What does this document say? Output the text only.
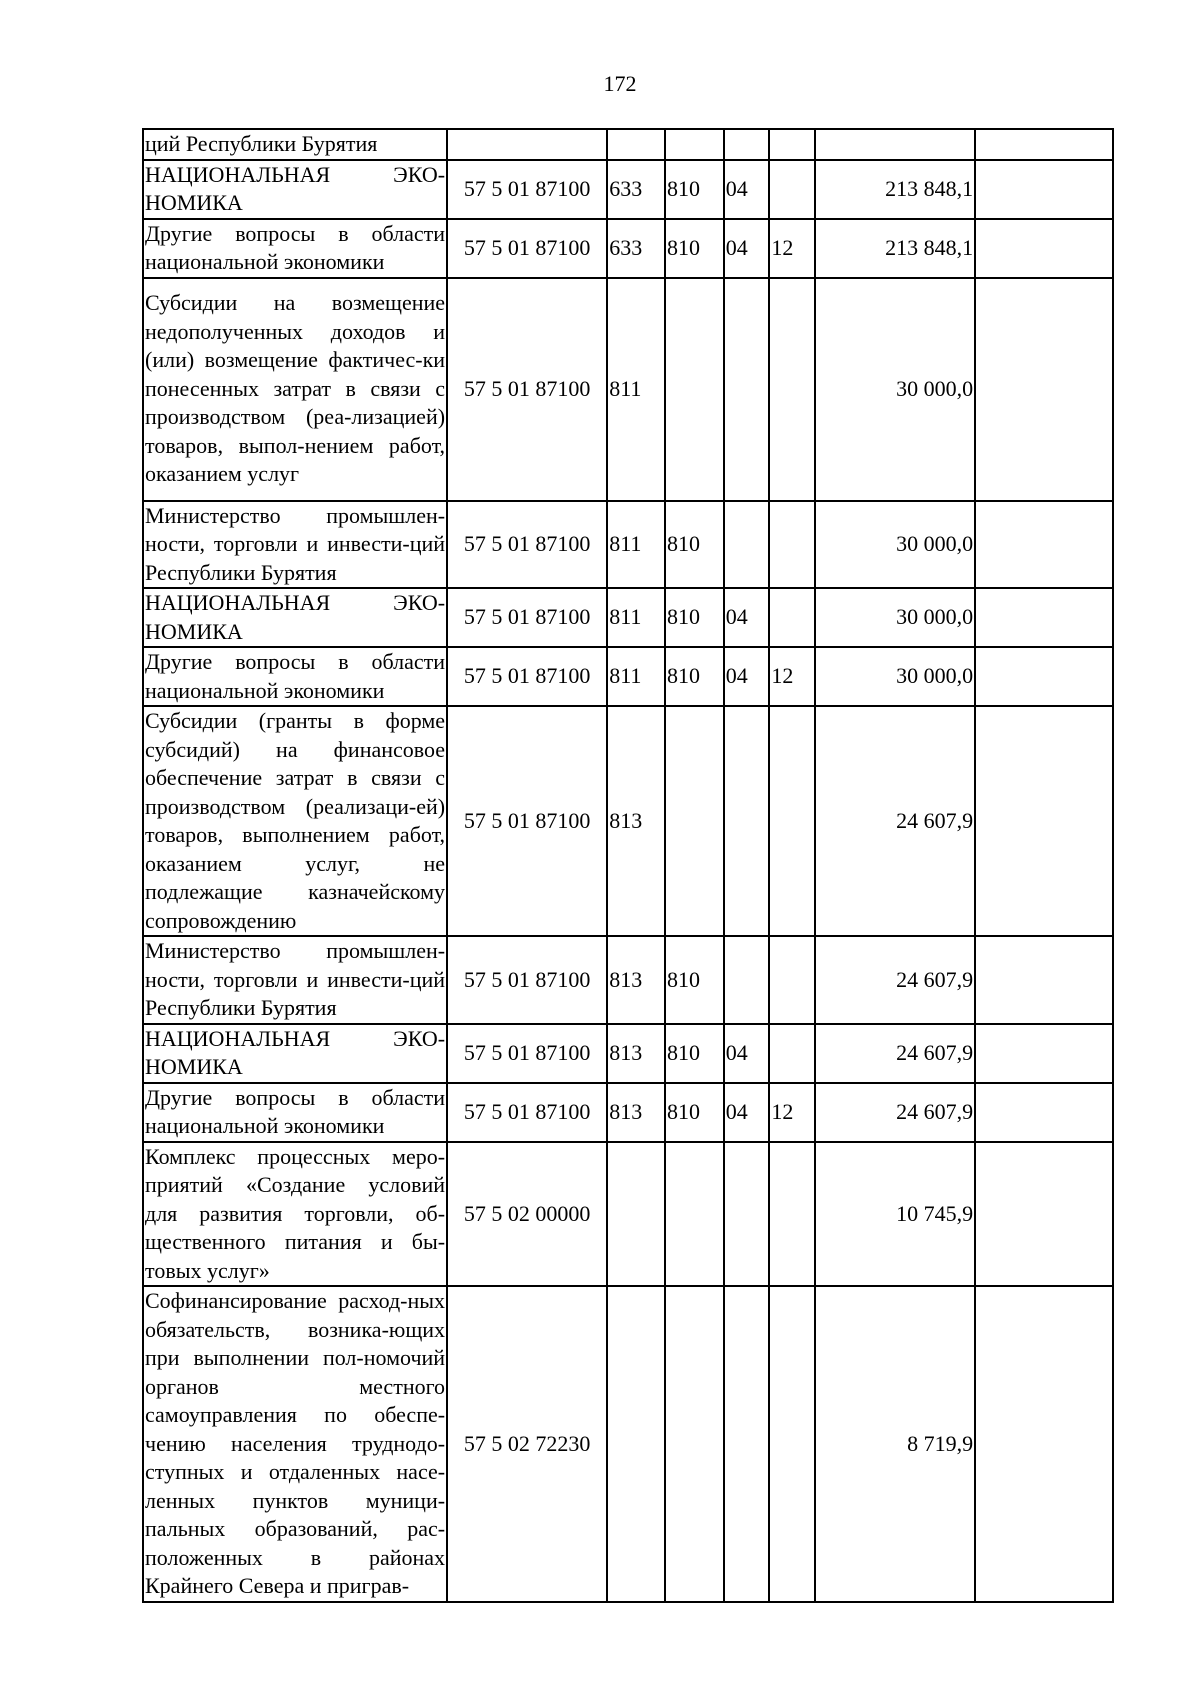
172
ций Республики Бурятия							
НАЦИОНАЛЬНАЯ ЭКО-НОМИКА	57 5 01 87100	633	810	04		213 848,1	
Другие вопросы в области национальной экономики	57 5 01 87100	633	810	04	12	213 848,1	
Субсидии на возмещение недополученных доходов и (или) возмещение фактичес-ки понесенных затрат в связи с производством (реа-лизацией) товаров, выпол-нением работ, оказанием услуг	57 5 01 87100	811				30 000,0	
Министерство промышлен-ности, торговли и инвести-ций Республики Бурятия	57 5 01 87100	811	810			30 000,0	
НАЦИОНАЛЬНАЯ ЭКО-НОМИКА	57 5 01 87100	811	810	04		30 000,0	
Другие вопросы в области национальной экономики	57 5 01 87100	811	810	04	12	30 000,0	
Субсидии (гранты в форме субсидий) на финансовое обеспечение затрат в связи с производством (реализаци-ей) товаров, выполнением работ, оказанием услуг, не подлежащие казначейскому сопровождению	57 5 01 87100	813				24 607,9	
Министерство промышлен-ности, торговли и инвести-ций Республики Бурятия	57 5 01 87100	813	810			24 607,9	
НАЦИОНАЛЬНАЯ ЭКО-НОМИКА	57 5 01 87100	813	810	04		24 607,9	
Другие вопросы в области национальной экономики	57 5 01 87100	813	810	04	12	24 607,9	
Комплекс процессных меро-приятий «Создание условий для развития торговли, об-щественного питания и бы-товых услуг»	57 5 02 00000					10 745,9	
Софинансирование расход-ных обязательств, возника-ющих при выполнении пол-номочий органов местного самоуправления по обеспе-чению населения труднодо-ступных и отдаленных насе-ленных пунктов муници-пальных образований, рас-положенных в районах Крайнего Севера и приграв-	57 5 02 72230					8 719,9	
